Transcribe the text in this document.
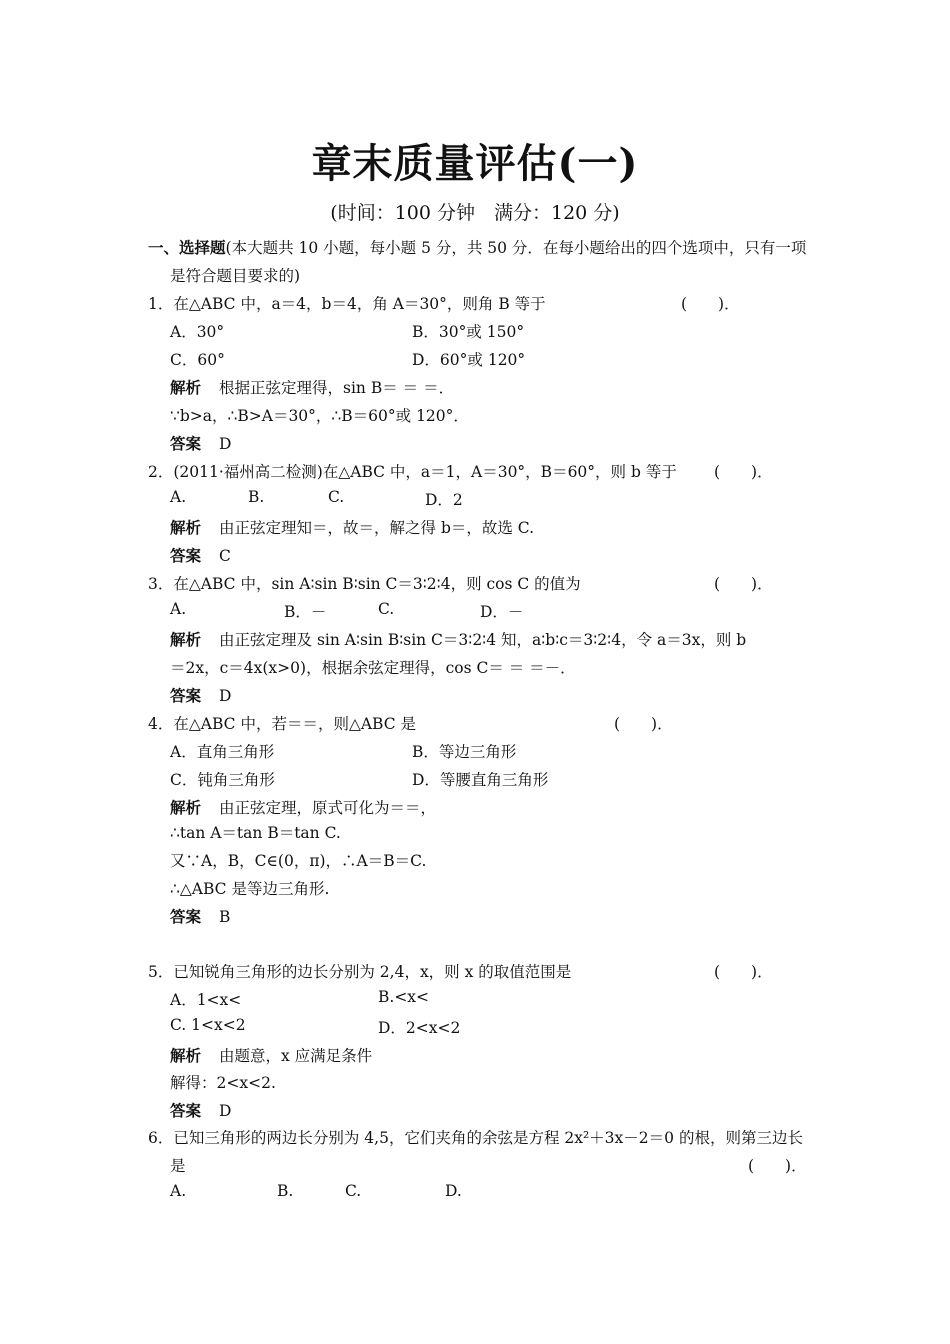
章末质量评估(一)
(时间：100 分钟　满分：120 分)
一、选择题(本大题共 10 小题，每小题 5 分，共 50 分．在每小题给出的四个选项中，只有一项
是符合题目要求的)
1．在△ABC 中，a＝4，b＝4，角 A＝30°，则角 B 等于	(　　)．
A．30°	B．30°或 150°
C．60°	D．60°或 120°
解析 根据正弦定理得，sin B＝ ＝ ＝．
∵b>a，∴B>A＝30°，∴B＝60°或 120°．
答案 D
2．(2011·福州高二检测)在△ABC 中，a＝1，A＝30°，B＝60°，则 b 等于 (　　)．
A.	B.	C.	D．2
解析 由正弦定理知＝，故＝，解之得 b＝，故选 C.
答案 C
3．在△ABC 中，sin A∶sin B∶sin C＝3∶2∶4，则 cos C 的值为	(　　)．
A.	B．－	C.	D．－
解析 由正弦定理及 sin A∶sin B∶sin C＝3∶2∶4 知，a∶b∶c＝3∶2∶4，令 a＝3x，则 b
＝2x，c＝4x(x>0)，根据余弦定理得，cos C＝ ＝ ＝－．
答案 D
4．在△ABC 中，若＝＝，则△ABC 是	(　　)．
A．直角三角形	B．等边三角形
C．钝角三角形	D．等腰直角三角形
解析 由正弦定理，原式可化为＝＝，
∴tan A＝tan B＝tan C.
又∵A，B，C∈(0，π)，∴A＝B＝C.
∴△ABC 是等边三角形.
答案 B
5．已知锐角三角形的边长分别为 2,4，x，则 x 的取值范围是	(　　)．
A．1<x<	B.<x<
C. 1<x<2	D．2<x<2
解析 由题意，x 应满足条件
解得：2<x<2.
答案 D
6．已知三角形的两边长分别为 4,5，它们夹角的余弦是方程 2x²＋3x－2＝0 的根，则第三边长
是	(　　)．
A.	B.	C.	D.
